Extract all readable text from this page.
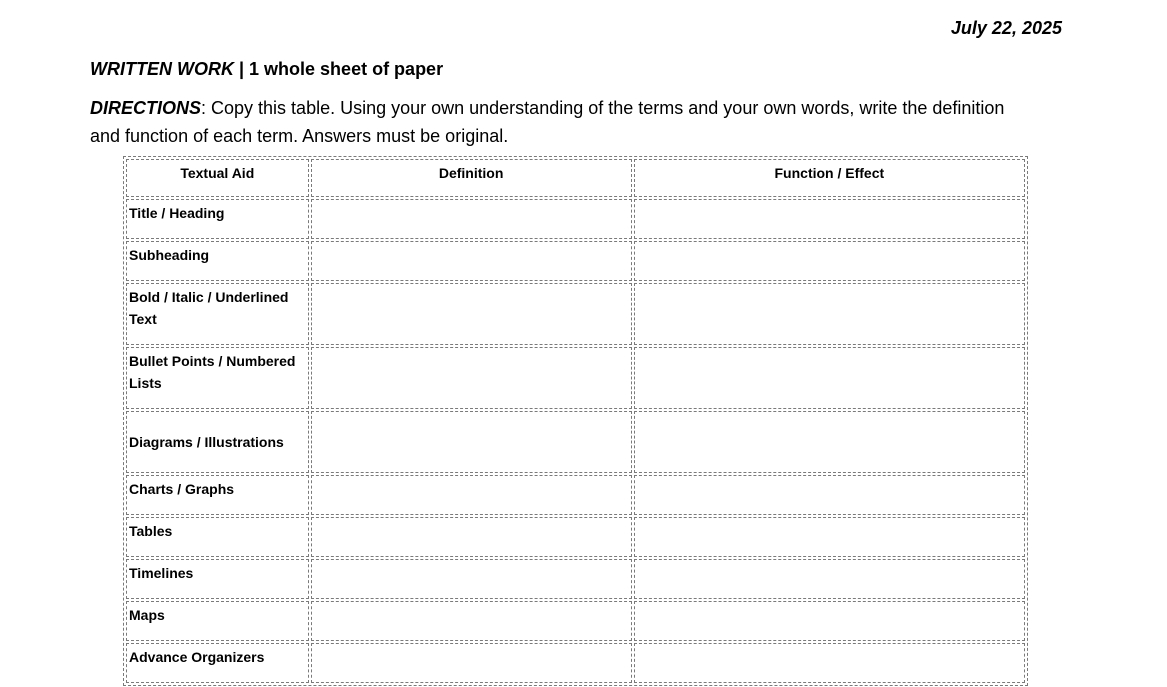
July 22, 2025
WRITTEN WORK | 1 whole sheet of paper
DIRECTIONS: Copy this table. Using your own understanding of the terms and your own words, write the definition and function of each term. Answers must be original.
Textual Aid	Definition	Function / Effect
Title / Heading		
Subheading		
Bold / Italic / Underlined Text		
Bullet Points / Numbered Lists		
Diagrams / Illustrations		
Charts / Graphs		
Tables		
Timelines		
Maps		
Advance Organizers		
